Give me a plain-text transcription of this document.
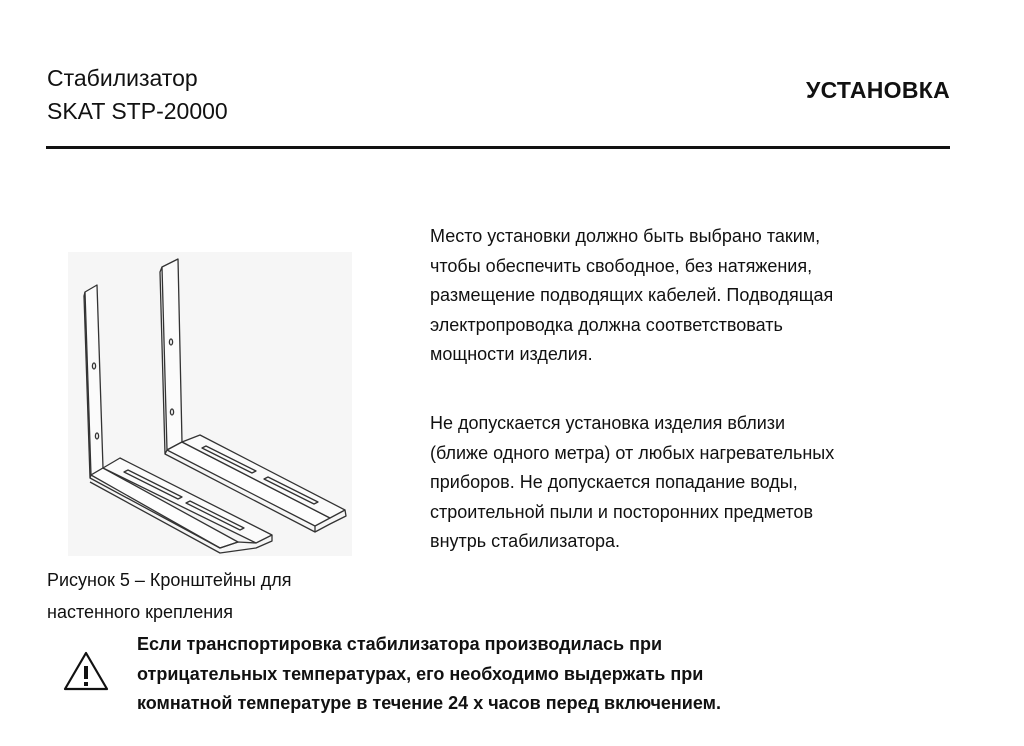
Стабилизатор
SKAT STP-20000
УСТАНОВКА
Рисунок 5 – Кронштейны для
настенного крепления
Место установки должно быть выбрано таким,
чтобы обеспечить свободное, без натяжения,
размещение подводящих кабелей. Подводящая
электропроводка должна соответствовать
мощности изделия.
Не допускается установка изделия вблизи
(ближе одного метра) от любых нагревательных
приборов. Не допускается попадание воды,
строительной пыли и посторонних предметов
внутрь стабилизатора.
Если транспортировка стабилизатора производилась при
отрицательных температурах, его необходимо выдержать при
комнатной температуре в течение 24 х часов перед включением.
